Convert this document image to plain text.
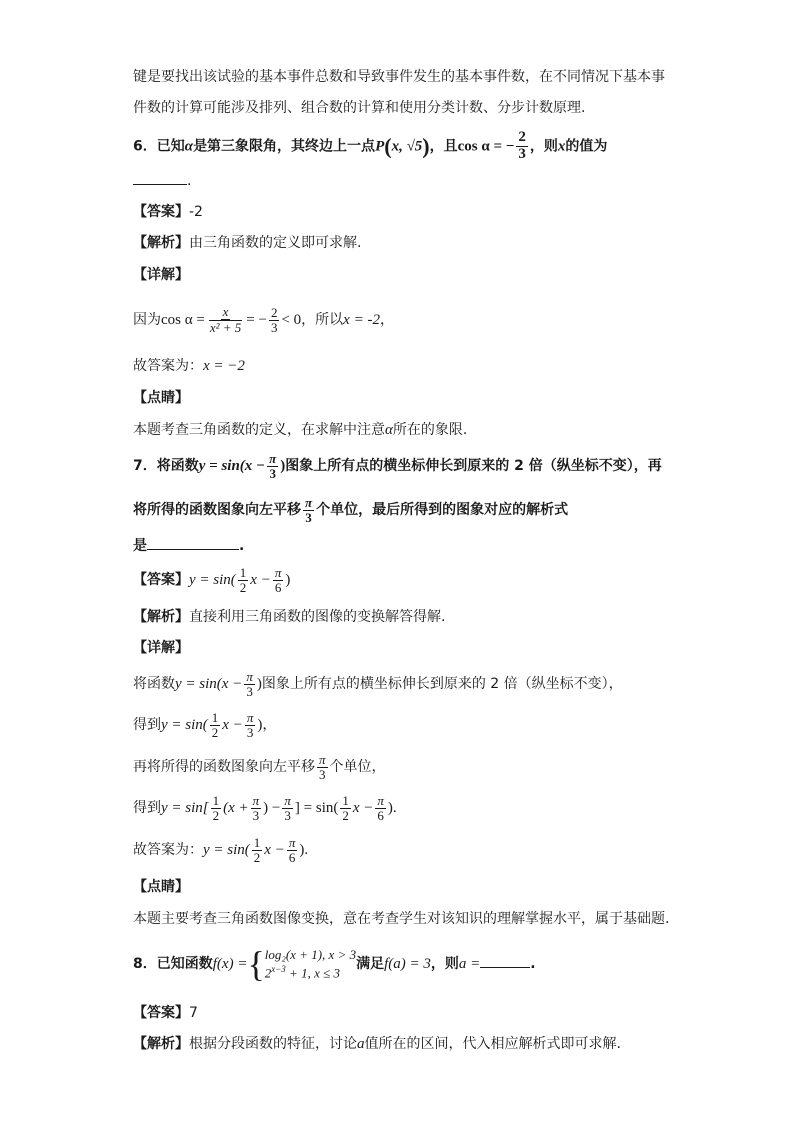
键是要找出该试验的基本事件总数和导致事件发生的基本事件数，在不同情况下基本事
件数的计算可能涉及排列、组合数的计算和使用分类计数、分步计数原理.
6．已知α是第三象限角，其终边上一点P(x, √5)，且cos α = − $\frac{2}{3}$ ，则x的值为
.
【答案】-2
【解析】由三角函数的定义即可求解.
【详解】
因为$\cos \alpha = \frac{x}{\text{x² + 5}}$ = − $\frac{2}{3} < 0$，所以x = -2，
故答案为：x = −2
【点睛】
本题考查三角函数的定义，在求解中注意α所在的象限.
7．将函数$y = \sin(x - \frac{\pi}{3}$ )图象上所有点的横坐标伸长到原来的 2 倍（纵坐标不变），再
将所得的函数图象向左平移 $\frac{\pi}{3}$ 个单位，最后所得到的图象对应的解析式
是	.
【答案】$y = \sin( \frac{1}{2}$ $x - \frac{\pi}{6}$ )
【解析】直接利用三角函数的图像的变换解答得解.
【详解】
将函数$y = \sin(x - \frac{\pi}{3}$ )图象上所有点的横坐标伸长到原来的 2 倍（纵坐标不变），
得到$y = \sin( \frac{1}{2}$ $x - \frac{\pi}{3}$ )，
再将所得的函数图象向左平移 $\frac{\pi}{3}$ 个单位，
得到$y = \sin[ \frac{1}{2} (x + \frac{\pi}{3}$ ) − $\frac{\pi}{3}$ ] = $\sin( \frac{1}{2}$ $x - \frac{\pi}{6}$ ).
故答案为：$y = \sin( \frac{1}{2}$ $x - \frac{\pi}{6}$ ).
【点睛】
本题主要考查三角函数图像变换，意在考查学生对该知识的理解掌握水平，属于基础题.
8．已知函数f(x) ={ log₂(x + 1), x > 3
$2^{x-3} + 1$, x ≤ 3
满足f(a) = 3，则a =	.
【答案】7
【解析】根据分段函数的特征，讨论a值所在的区间，代入相应解析式即可求解.
